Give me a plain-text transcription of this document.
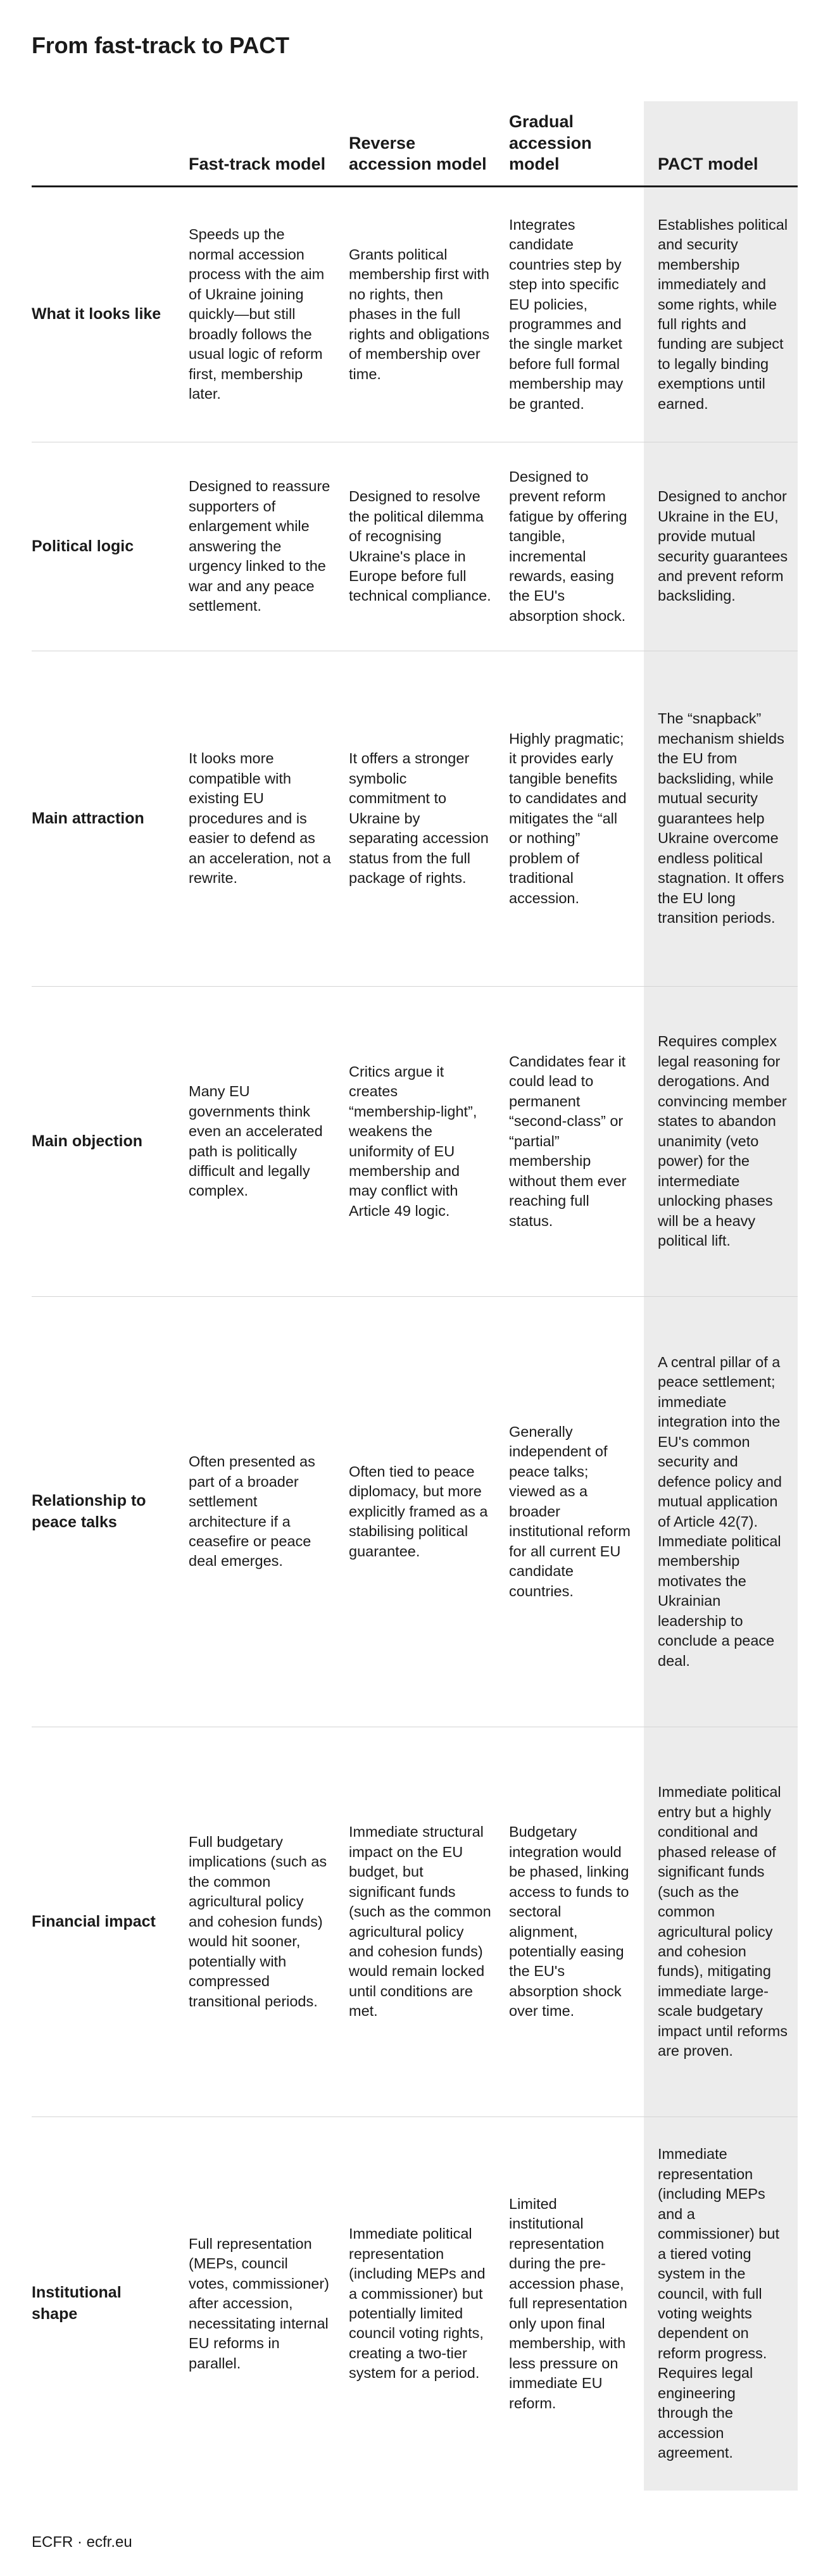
From fast-track to PACT
Fast-track model
Reverse accession model
Gradual accession model	PACT model
What it looks like
Speeds up the normal accession process with the aim of Ukraine joining quickly—but still broadly follows the usual logic of reform first, membership later.
Grants political membership first with no rights, then phases in the full rights and obligations of membership over time.
Integrates candidate countries step by step into specific EU policies, programmes and the single market before full formal membership may be granted.
Establishes political and security membership immediately and some rights, while full rights and funding are subject to legally binding exemptions until earned.
Political logic
Designed to reassure supporters of enlargement while answering the urgency linked to the war and any peace settlement.
Designed to resolve the political dilemma of recognising Ukraine's place in Europe before full technical compliance.
Designed to prevent reform fatigue by offering tangible, incremental rewards, easing the EU's absorption shock.
Designed to anchor Ukraine in the EU, provide mutual security guarantees and prevent reform backsliding.
Main attraction
It looks more compatible with existing EU procedures and is easier to defend as an acceleration, not a rewrite.
It offers a stronger symbolic commitment to Ukraine by separating accession status from the full package of rights.
Highly pragmatic; it provides early tangible benefits to candidates and mitigates the “all or nothing” problem of traditional accession.
The “snapback” mechanism shields the EU from backsliding, while mutual security guarantees help Ukraine overcome endless political stagnation. It offers the EU long transition periods.
Main objection
Many EU governments think even an accelerated path is politically difficult and legally complex.
Critics argue it creates “membership-light”, weakens the uniformity of EU membership and may conflict with Article 49 logic.
Candidates fear it could lead to permanent “second-class” or “partial” membership without them ever reaching full status.
Requires complex legal reasoning for derogations. And convincing member states to abandon unanimity (veto power) for the intermediate unlocking phases will be a heavy political lift.
Relationship to peace talks
Often presented as part of a broader settlement architecture if a ceasefire or peace deal emerges.
Often tied to peace diplomacy, but more explicitly framed as a stabilising political guarantee.
Generally independent of peace talks; viewed as a broader institutional reform for all current EU candidate countries.
A central pillar of a peace settlement; immediate integration into the EU's common security and defence policy and mutual application of Article 42(7). Immediate political membership motivates the Ukrainian leadership to conclude a peace deal.
Financial impact
Full budgetary implications (such as the common agricultural policy and cohesion funds) would hit sooner, potentially with compressed transitional periods.
Immediate structural impact on the EU budget, but significant funds (such as the common agricultural policy and cohesion funds) would remain locked until conditions are met.
Budgetary integration would be phased, linking access to funds to sectoral alignment, potentially easing the EU's absorption shock over time.
Immediate political entry but a highly conditional and phased release of significant funds (such as the common agricultural policy and cohesion funds), mitigating immediate large-scale budgetary impact until reforms are proven.
Institutional shape
Full representation (MEPs, council votes, commissioner) after accession, necessitating internal EU reforms in parallel.
Immediate political representation (including MEPs and a commissioner) but potentially limited council voting rights, creating a two-tier system for a period.
Limited institutional representation during the pre-accession phase, full representation only upon final membership, with less pressure on immediate EU reform.
Immediate representation (including MEPs and a commissioner) but a tiered voting system in the council, with full voting weights dependent on reform progress. Requires legal engineering through the accession agreement.
ECFR · ecfr.eu
